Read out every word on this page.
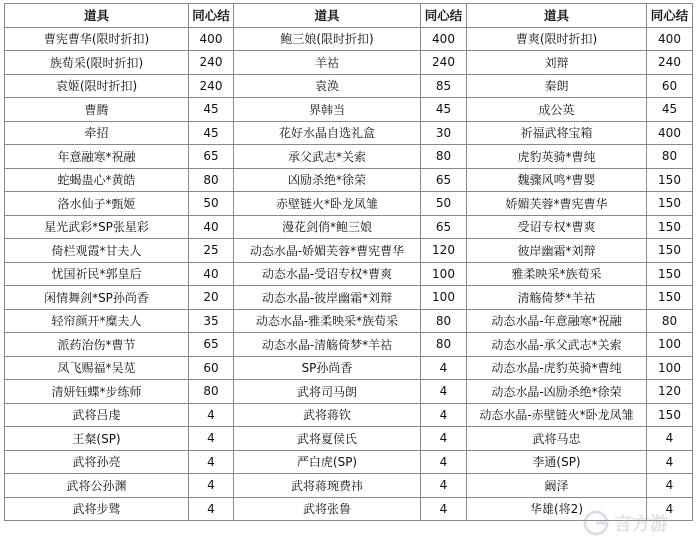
道具	同心结	道具	同心结	道具	同心结
曹宪曹华(限时折扣)	400	鲍三娘(限时折扣)	400	曹爽(限时折扣)	400
族荀采(限时折扣)	240	羊祜	240	刘辩	240
袁姬(限时折扣)	240	袁涣	85	秦朗	60
曹腾	45	界韩当	45	成公英	45
牵招	45	花好水晶自选礼盒	30	祈福武将宝箱	400
年意融寒*祝融	65	承父武志*关索	80	虎豹英骑*曹纯	80
蛇蝎蛊心*黄皓	80	凶励杀绝*徐荣	65	魏骤风鸣*曹婴	150
洛水仙子*甄姬	50	赤壁链火*卧龙凤雏	50	娇媚芙蓉*曹宪曹华	150
星光武彩*SP张星彩	40	漫花剑俏*鲍三娘	65	受诏专权*曹爽	150
倚栏观霞*甘夫人	25	动态水晶-娇媚芙蓉*曹宪曹华	120	彼岸幽霜*刘辩	150
忧国祈民*郭皇后	40	动态水晶-受诏专权*曹爽	100	雅柔映采*族荀采	150
闲情舞剑*SP孙尚香	20	动态水晶-彼岸幽霜*刘辩	100	清觞倚梦*羊祜	150
轻帘颜开*糜夫人	35	动态水晶-雅柔映采*族荀采	80	动态水晶-年意融寒*祝融	80
派药治伤*曹节	65	动态水晶-清觞倚梦*羊祜	80	动态水晶-承父武志*关索	100
凤飞赐福*吴苋	60	SP孙尚香	4	动态水晶-虎豹英骑*曹纯	100
清妍钰蝶*步练师	80	武将司马朗	4	动态水晶-凶励杀绝*徐荣	120
武将吕虔	4	武将蒋钦	4	动态水晶-赤壁链火*卧龙凤雏	150
王粲(SP)	4	武将夏侯氏	4	武将马忠	4
武将孙亮	4	严白虎(SP)	4	李通(SP)	4
武将公孙渊	4	武将蒋琬费祎	4	阚泽	4
武将步骘	4	武将张鲁	4	华雄(将2)	4
言方游
